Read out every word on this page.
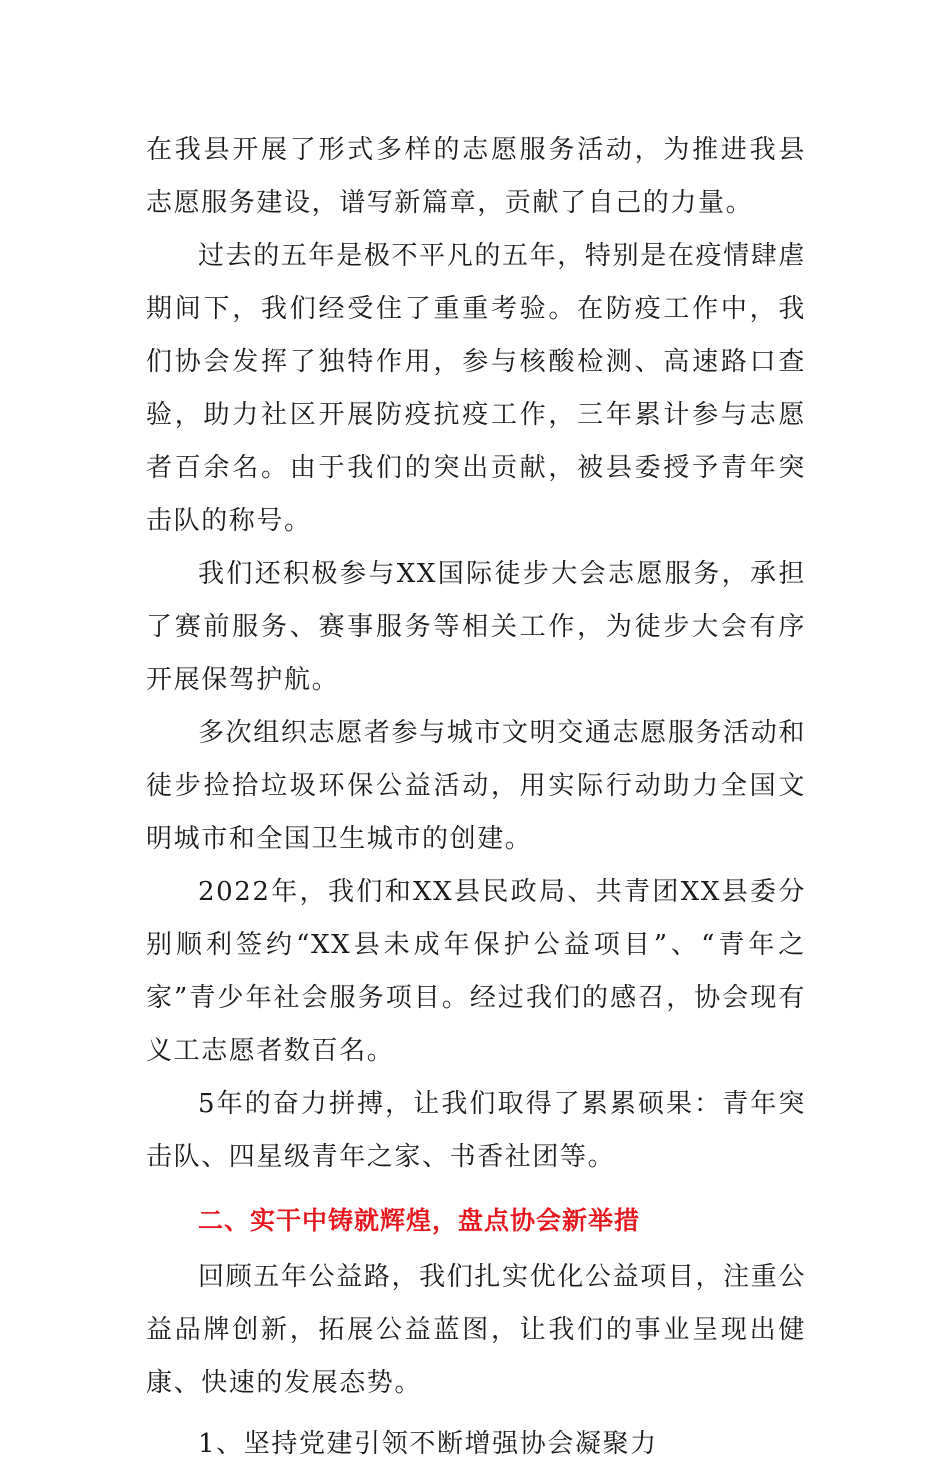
在我县开展了形式多样的志愿服务活动，为推进我县志愿服务建设，谱写新篇章，贡献了自己的力量。

过去的五年是极不平凡的五年，特别是在疫情肆虐期间下，我们经受住了重重考验。在防疫工作中，我们协会发挥了独特作用，参与核酸检测、高速路口查验，助力社区开展防疫抗疫工作，三年累计参与志愿者百余名。由于我们的突出贡献，被县委授予青年突击队的称号。

我们还积极参与XX国际徒步大会志愿服务，承担了赛前服务、赛事服务等相关工作，为徒步大会有序开展保驾护航。

多次组织志愿者参与城市文明交通志愿服务活动和徒步捡拾垃圾环保公益活动，用实际行动助力全国文明城市和全国卫生城市的创建。

2022年，我们和XX县民政局、共青团XX县委分别顺利签约“XX县未成年保护公益项目”、“青年之家”青少年社会服务项目。经过我们的感召，协会现有义工志愿者数百名。

5年的奋力拼搏，让我们取得了累累硕果：青年突击队、四星级青年之家、书香社团等。

二、实干中铸就辉煌，盘点协会新举措

回顾五年公益路，我们扎实优化公益项目，注重公益品牌创新，拓展公益蓝图，让我们的事业呈现出健康、快速的发展态势。

1、坚持党建引领不断增强协会凝聚力
